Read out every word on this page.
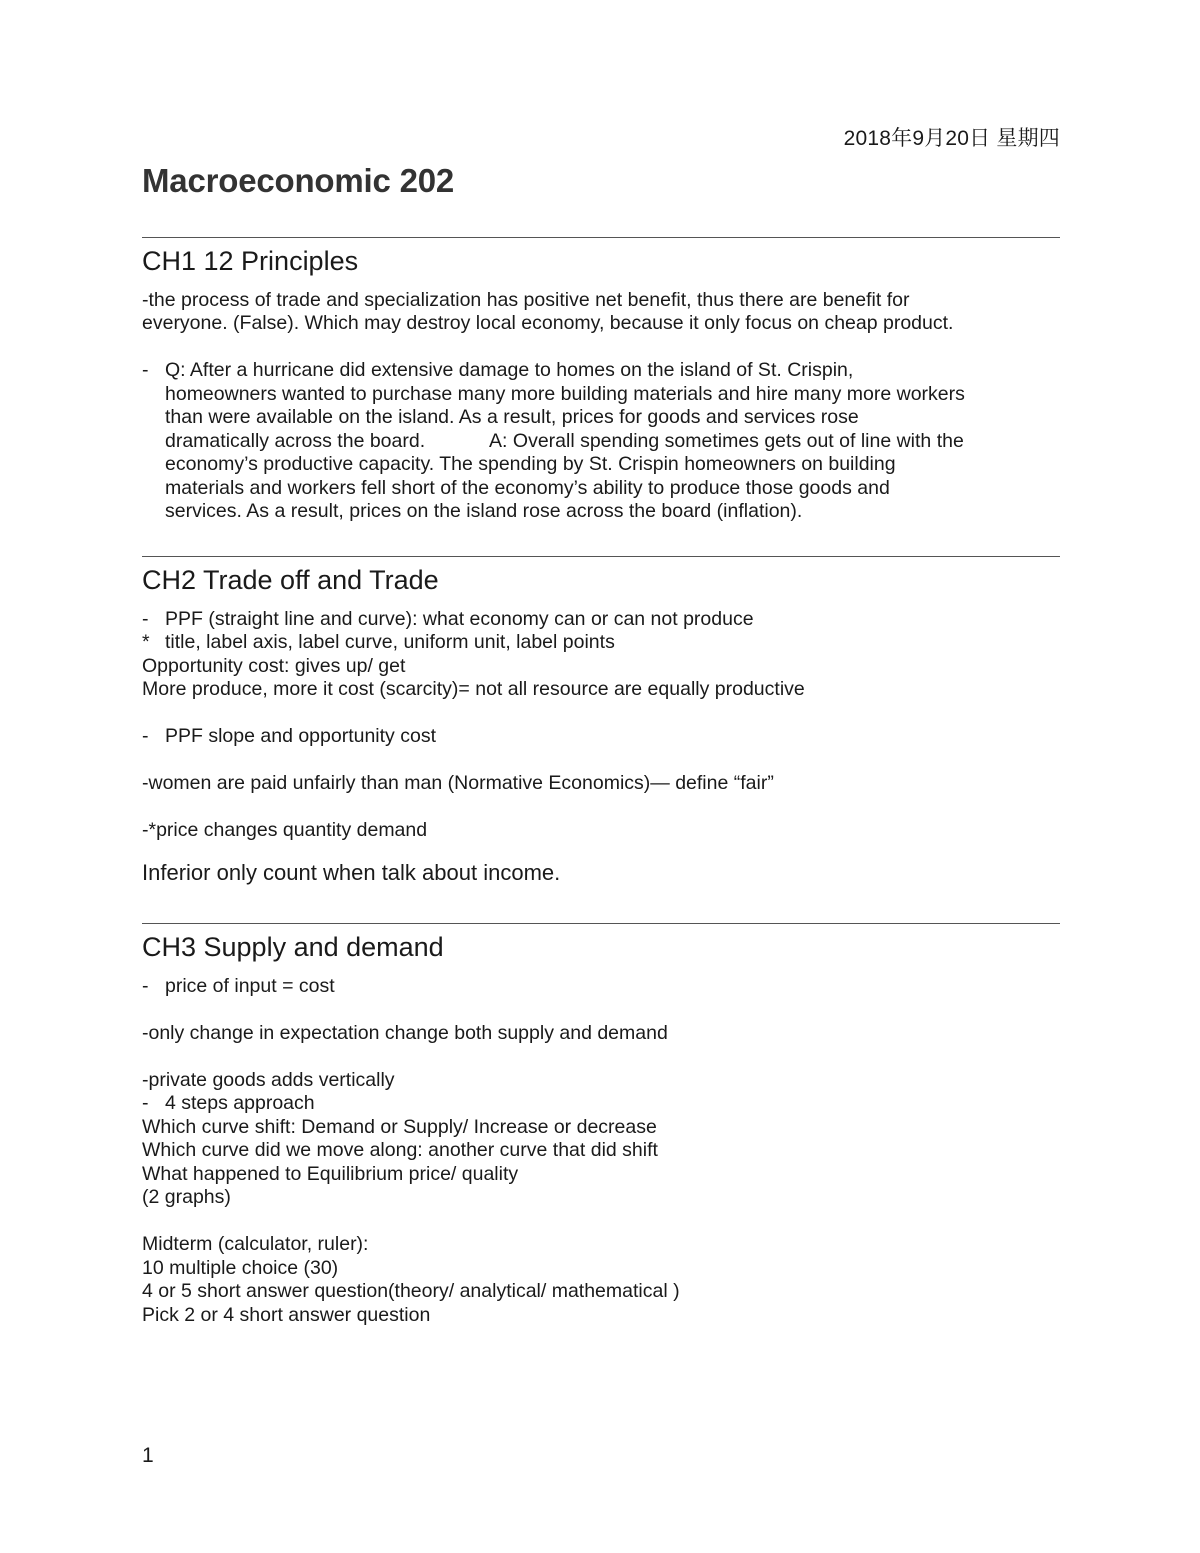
2018年9月20日 星期四
Macroeconomic 202
CH1 12 Principles

-the process of trade and specialization has positive net benefit, thus there are benefit for

everyone. (False). Which may destroy local economy, because it only focus on cheap product.

- Q: After a hurricane did extensive damage to homes on the island of St. Crispin,
homeowners wanted to purchase many more building materials and hire many more workers
than were available on the island. As a result, prices for goods and services rose
dramatically across the board.            A: Overall spending sometimes gets out of line with the
economy’s productive capacity. The spending by St. Crispin homeowners on building
materials and workers fell short of the economy’s ability to produce those goods and
services. As a result, prices on the island rose across the board (inflation).
CH2 Trade off and Trade
- PPF (straight line and curve): what economy can or can not produce
* title, label axis, label curve, uniform unit, label points

Opportunity cost: gives up/ get

More produce, more it cost (scarcity)= not all resource are equally productive

- PPF slope and opportunity cost

-women are paid unfairly than man (Normative Economics)— define “fair”

-*price changes quantity demand

Inferior only count when talk about income.

CH3 Supply and demand
- price of input = cost

-only change in expectation change both supply and demand

-private goods adds vertically

- 4 steps approach

Which curve shift: Demand or Supply/ Increase or decrease

Which curve did we move along: another curve that did shift

What happened to Equilibrium price/ quality

(2 graphs)

Midterm (calculator, ruler):

10 multiple choice (30)

4 or 5 short answer question(theory/ analytical/ mathematical )

Pick 2 or 4 short answer question

1
